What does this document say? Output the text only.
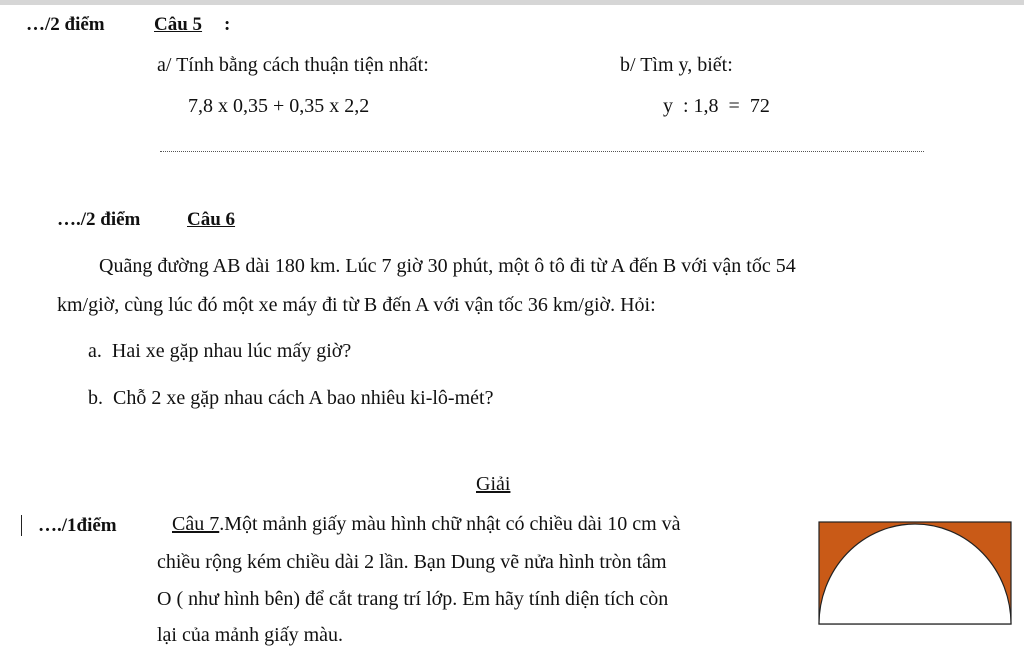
…/2 điểm	Câu 5 :
a/ Tính bằng cách thuận tiện nhất:
7,8 x 0,35 + 0,35 x 2,2
b/ Tìm y, biết:
y  : 1,8  =  72
…./2 điểm Câu 6
Quãng đường AB dài 180 km. Lúc 7 giờ 30 phút, một ô tô đi từ A đến B với vận tốc 54
km/giờ, cùng lúc đó một xe máy đi từ B đến A với vận tốc 36 km/giờ. Hỏi:
a.  Hai xe gặp nhau lúc mấy giờ?
b.  Chỗ 2 xe gặp nhau cách A bao nhiêu ki-lô-mét?
Giải
…./1điểm	Câu 7.Một mảnh giấy màu hình chữ nhật có chiều dài 10 cm và
chiều rộng kém chiều dài 2 lần. Bạn Dung vẽ nửa hình tròn tâm
O ( như hình bên) để cắt trang trí lớp. Em hãy tính diện tích còn
lại của mảnh giấy màu.
